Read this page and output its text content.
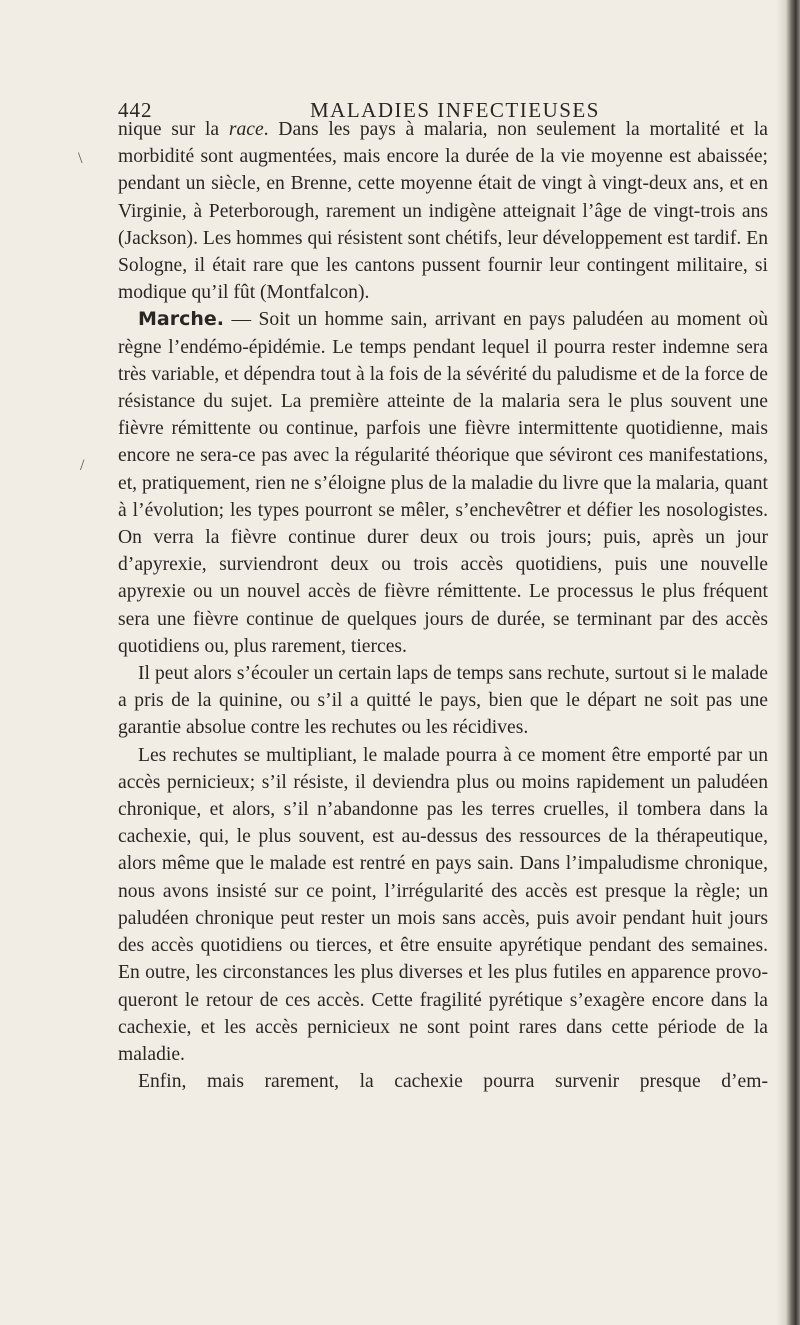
442	MALADIES INFECTIEUSES
\
/

nique sur la race. Dans les pays à malaria, non seulement la mortalité et la morbidité sont augmentées, mais encore la durée de la vie moyenne est abaissée; pendant un siècle, en Brenne, cette moyenne était de vingt à vingt-deux ans, et en Virginie, à Peterborough, rarement un indigène atteignait l’âge de vingt-trois ans (Jackson). Les hommes qui résistent sont chétifs, leur développement est tardif. En Sologne, il était rare que les cantons pussent fournir leur contingent militaire, si modique qu’il fût (Montfalcon).

Marche. — Soit un homme sain, arrivant en pays paludéen au moment où règne l’endémo-épidémie. Le temps pendant lequel il pourra rester indemne sera très variable, et dépendra tout à la fois de la sévérité du paludisme et de la force de résistance du sujet. La première atteinte de la malaria sera le plus souvent une fièvre rémittente ou continue, parfois une fièvre intermittente quotidienne, mais encore ne sera-ce pas avec la régularité théorique que séviront ces manifestations, et, pratiquement, rien ne s’éloigne plus de la maladie du livre que la malaria, quant à l’évolution; les types pourront se mêler, s’enchevêtrer et défier les nosologistes. On verra la fièvre continue durer deux ou trois jours; puis, après un jour d’apyrexie, surviendront deux ou trois accès quotidiens, puis une nouvelle apyrexie ou un nouvel accès de fièvre rémittente. Le processus le plus fréquent sera une fièvre continue de quelques jours de durée, se terminant par des accès quotidiens ou, plus rarement, tierces.

Il peut alors s’écouler un certain laps de temps sans rechute, surtout si le malade a pris de la quinine, ou s’il a quitté le pays, bien que le départ ne soit pas une garantie absolue contre les rechutes ou les récidives.

Les rechutes se multipliant, le malade pourra à ce moment être emporté par un accès pernicieux; s’il résiste, il deviendra plus ou moins rapidement un paludéen chronique, et alors, s’il n’abandonne pas les terres cruelles, il tombera dans la cachexie, qui, le plus souvent, est au-dessus des ressources de la thérapeutique, alors même que le malade est rentré en pays sain. Dans l’impaludisme chronique, nous avons insisté sur ce point, l’irrégularité des accès est presque la règle; un paludéen chronique peut rester un mois sans accès, puis avoir pendant huit jours des accès quotidiens ou tierces, et être ensuite apyrétique pendant des semaines. En outre, les circonstances les plus diverses et les plus futiles en apparence provoqueront le retour de ces accès. Cette fragilité pyrétique s’exagère encore dans la cachexie, et les accès pernicieux ne sont point rares dans cette période de la maladie.

Enfin, mais rarement, la cachexie pourra survenir presque d’em-
